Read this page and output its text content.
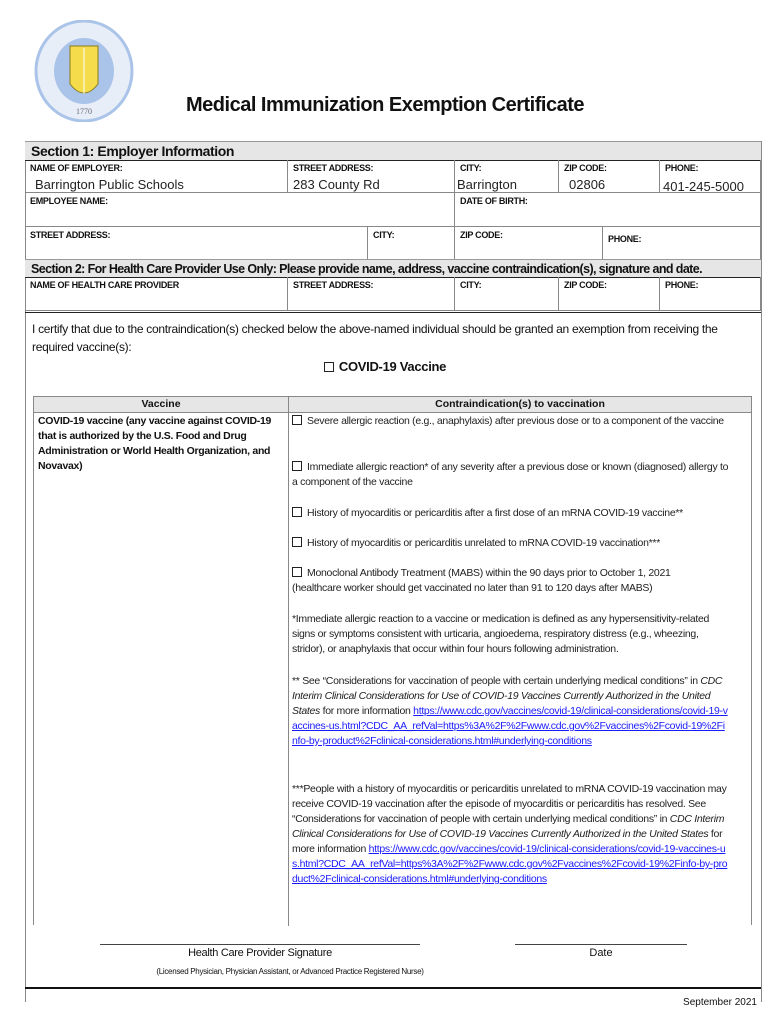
1770	Medical Immunization Exemption Certificate
Section 1: Employer Information
NAME OF EMPLOYER:
Barrington Public Schools
STREET ADDRESS:
283 County Rd
CITY:
Barrington
ZIP CODE:
02806
PHONE:
401-245-5000
EMPLOYEE NAME:	DATE OF BIRTH:
STREET ADDRESS:	CITY:	ZIP CODE:	PHONE:
Section 2: For Health Care Provider Use Only: Please provide name, address, vaccine contraindication(s), signature and date.
NAME OF HEALTH CARE PROVIDER	STREET ADDRESS:	CITY:	ZIP CODE:	PHONE:
I certify that due to the contraindication(s) checked below the above-named individual should be granted an exemption from receiving the required vaccine(s):
COVID-19 Vaccine
Vaccine	Contraindication(s) to vaccination
COVID-19 vaccine (any vaccine against COVID-19 that is authorized by the U.S. Food and Drug Administration or World Health Organization, and Novavax)
Severe allergic reaction (e.g., anaphylaxis) after previous dose or to a component of the vaccine
Immediate allergic reaction* of any severity after a previous dose or known (diagnosed) allergy to a component of the vaccine
History of myocarditis or pericarditis after a first dose of an mRNA COVID-19 vaccine**
History of myocarditis or pericarditis unrelated to mRNA COVID-19 vaccination***
Monoclonal Antibody Treatment (MABS) within the 90 days prior to October 1, 2021 (healthcare worker should get vaccinated no later than 91 to 120 days after MABS)
*Immediate allergic reaction to a vaccine or medication is defined as any hypersensitivity-related signs or symptoms consistent with urticaria, angioedema, respiratory distress (e.g., wheezing, stridor), or anaphylaxis that occur within four hours following administration.
** See “Considerations for vaccination of people with certain underlying medical conditions” in CDC Interim Clinical Considerations for Use of COVID-19 Vaccines Currently Authorized in the United States for more information https://www.cdc.gov/vaccines/covid-19/clinical-considerations/covid-19-vaccines-us.html?CDC_AA_refVal=https%3A%2F%2Fwww.cdc.gov%2Fvaccines%2Fcovid-19%2Finfo-by-product%2Fclinical-considerations.html#underlying-conditions
***People with a history of myocarditis or pericarditis unrelated to mRNA COVID-19 vaccination may receive COVID-19 vaccination after the episode of myocarditis or pericarditis has resolved. See “Considerations for vaccination of people with certain underlying medical conditions” in CDC Interim Clinical Considerations for Use of COVID-19 Vaccines Currently Authorized in the United States for more information https://www.cdc.gov/vaccines/covid-19/clinical-considerations/covid-19-vaccines-us.html?CDC_AA_refVal=https%3A%2F%2Fwww.cdc.gov%2Fvaccines%2Fcovid-19%2Finfo-by-product%2Fclinical-considerations.html#underlying-conditions
Health Care Provider Signature	Date
(Licensed Physician, Physician Assistant, or Advanced Practice Registered Nurse)
September 2021
